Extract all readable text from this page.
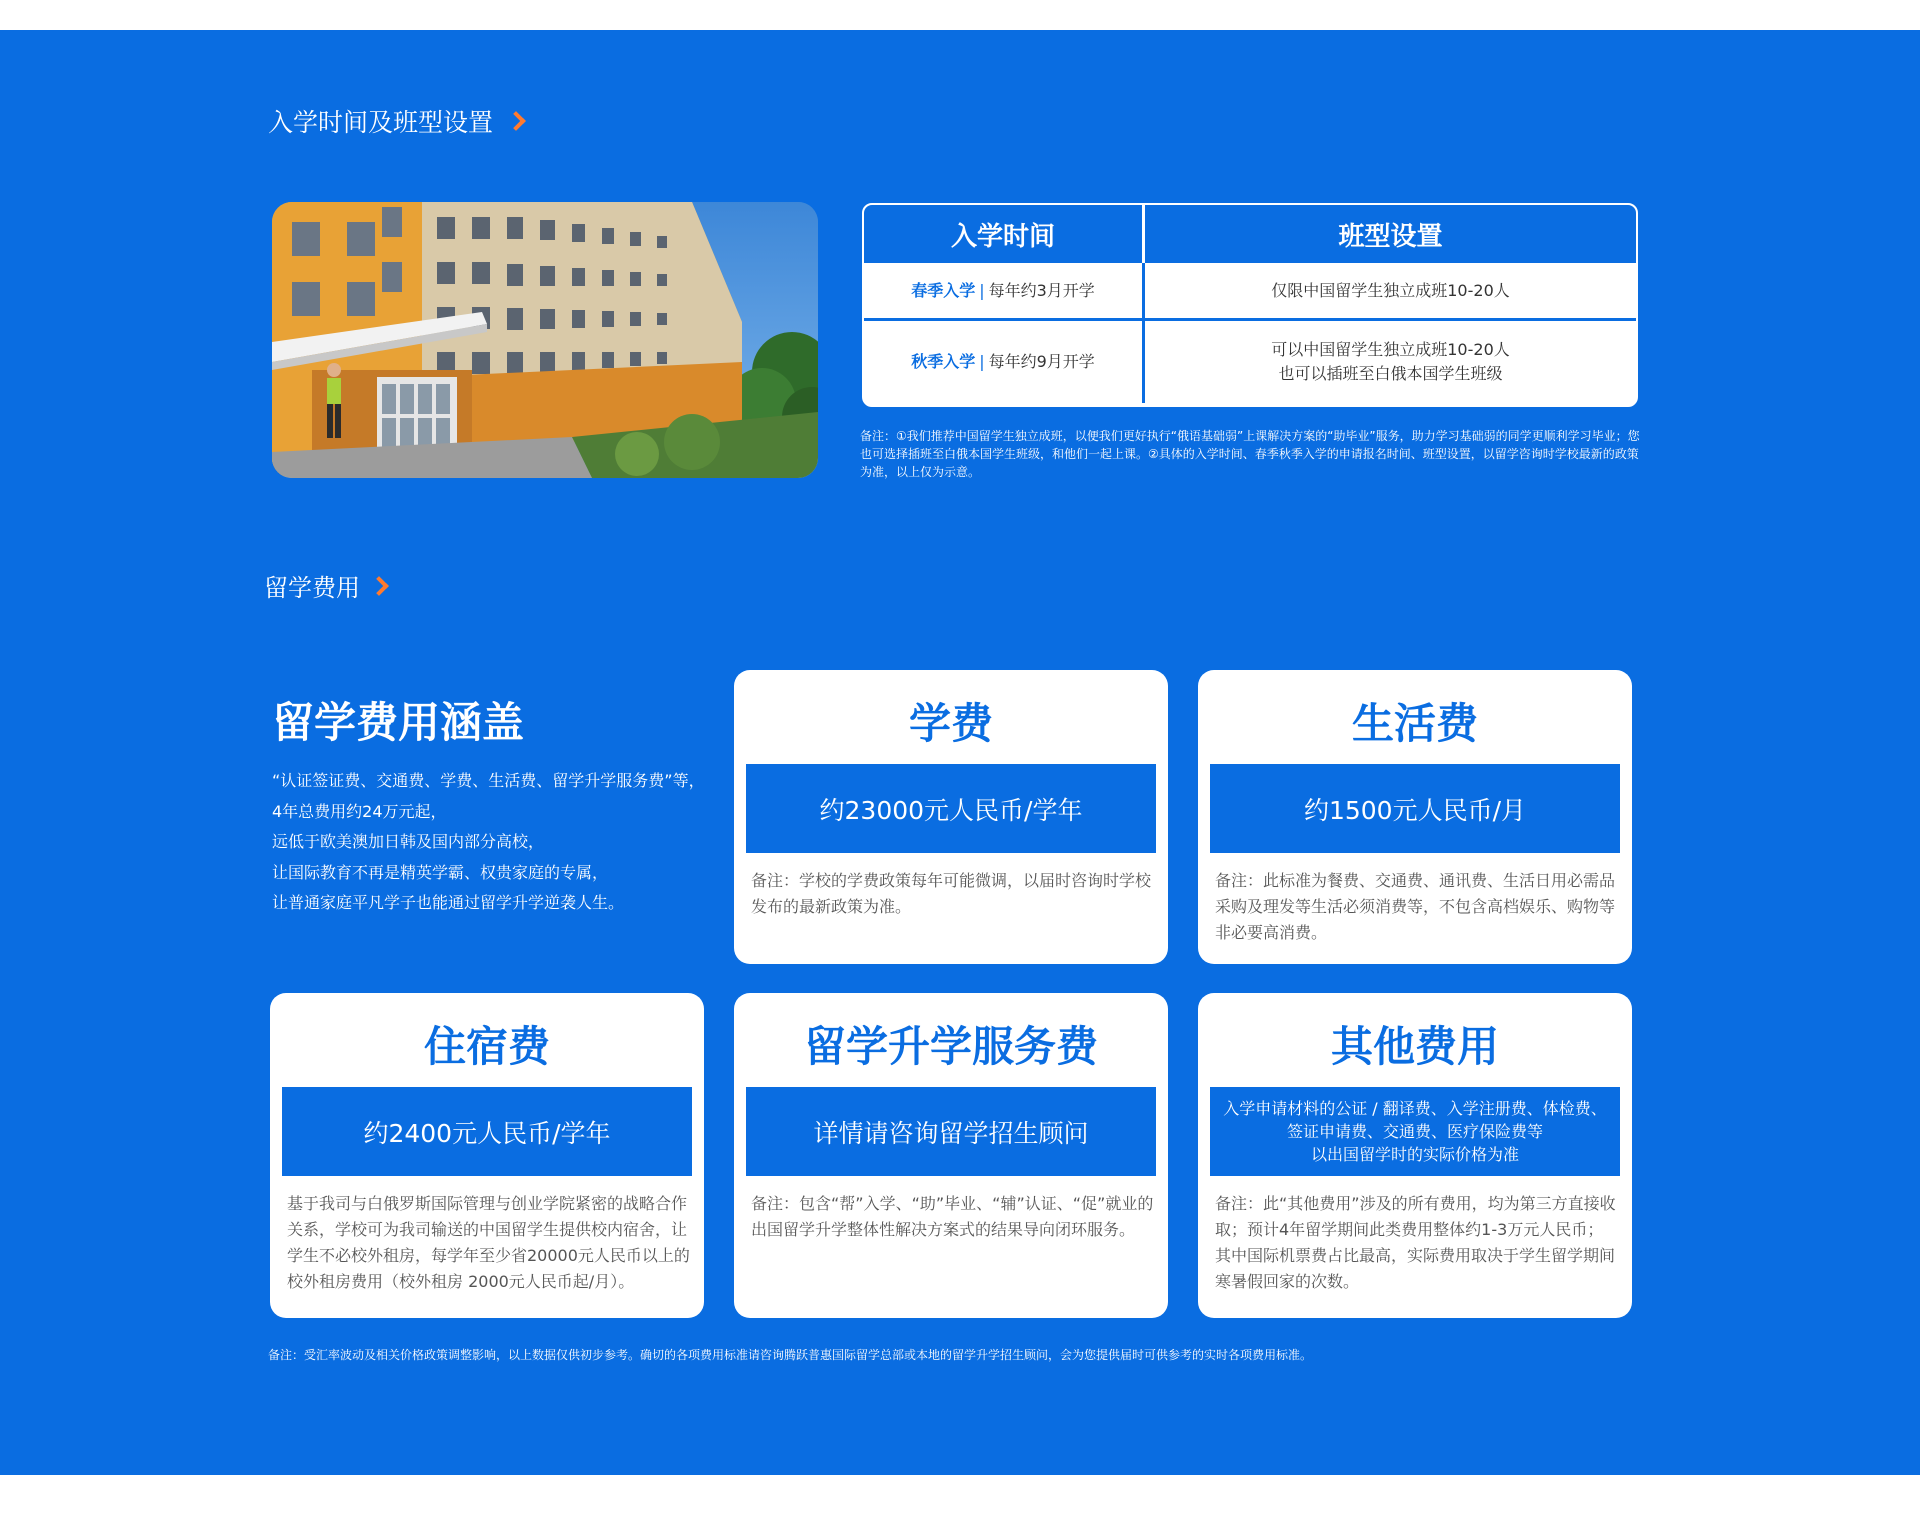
入学时间及班型设置
入学时间	班型设置
春季入学 | 每年约3月开学	仅限中国留学生独立成班10-20人
秋季入学 | 每年约9月开学
可以中国留学生独立成班10-20人
也可以插班至白俄本国学生班级
备注：①我们推荐中国留学生独立成班，以便我们更好执行“俄语基础弱”上课解决方案的“助毕业”服务，助力学习基础弱的同学更顺利学习毕业；您也可选择插班至白俄本国学生班级，和他们一起上课。②具体的入学时间、春季秋季入学的申请报名时间、班型设置，以留学咨询时学校最新的政策为准，以上仅为示意。
留学费用
留学费用涵盖
“认证签证费、交通费、学费、生活费、留学升学服务费”等，
4年总费用约24万元起，
远低于欧美澳加日韩及国内部分高校，
让国际教育不再是精英学霸、权贵家庭的专属，
让普通家庭平凡学子也能通过留学升学逆袭人生。
学费
约23000元人民币/学年
备注：学校的学费政策每年可能微调，以届时咨询时学校发布的最新政策为准。
生活费
约1500元人民币/月
备注：此标准为餐费、交通费、通讯费、生活日用必需品采购及理发等生活必须消费等，不包含高档娱乐、购物等非必要高消费。
住宿费
约2400元人民币/学年
基于我司与白俄罗斯国际管理与创业学院紧密的战略合作关系，学校可为我司输送的中国留学生提供校内宿舍，让学生不必校外租房，每学年至少省20000元人民币以上的校外租房费用（校外租房 2000元人民币起/月）。
留学升学服务费
详情请咨询留学招生顾问
备注：包含“帮”入学、“助”毕业、“辅”认证、“促”就业的出国留学升学整体性解决方案式的结果导向闭环服务。
其他费用
入学申请材料的公证 / 翻译费、入学注册费、体检费、
签证申请费、交通费、医疗保险费等
以出国留学时的实际价格为准
备注：此“其他费用”涉及的所有费用，均为第三方直接收取；预计4年留学期间此类费用整体约1-3万元人民币；其中国际机票费占比最高，实际费用取决于学生留学期间寒暑假回家的次数。
备注：受汇率波动及相关价格政策调整影响，以上数据仅供初步参考。确切的各项费用标准请咨询腾跃普惠国际留学总部或本地的留学升学招生顾问，会为您提供届时可供参考的实时各项费用标准。
